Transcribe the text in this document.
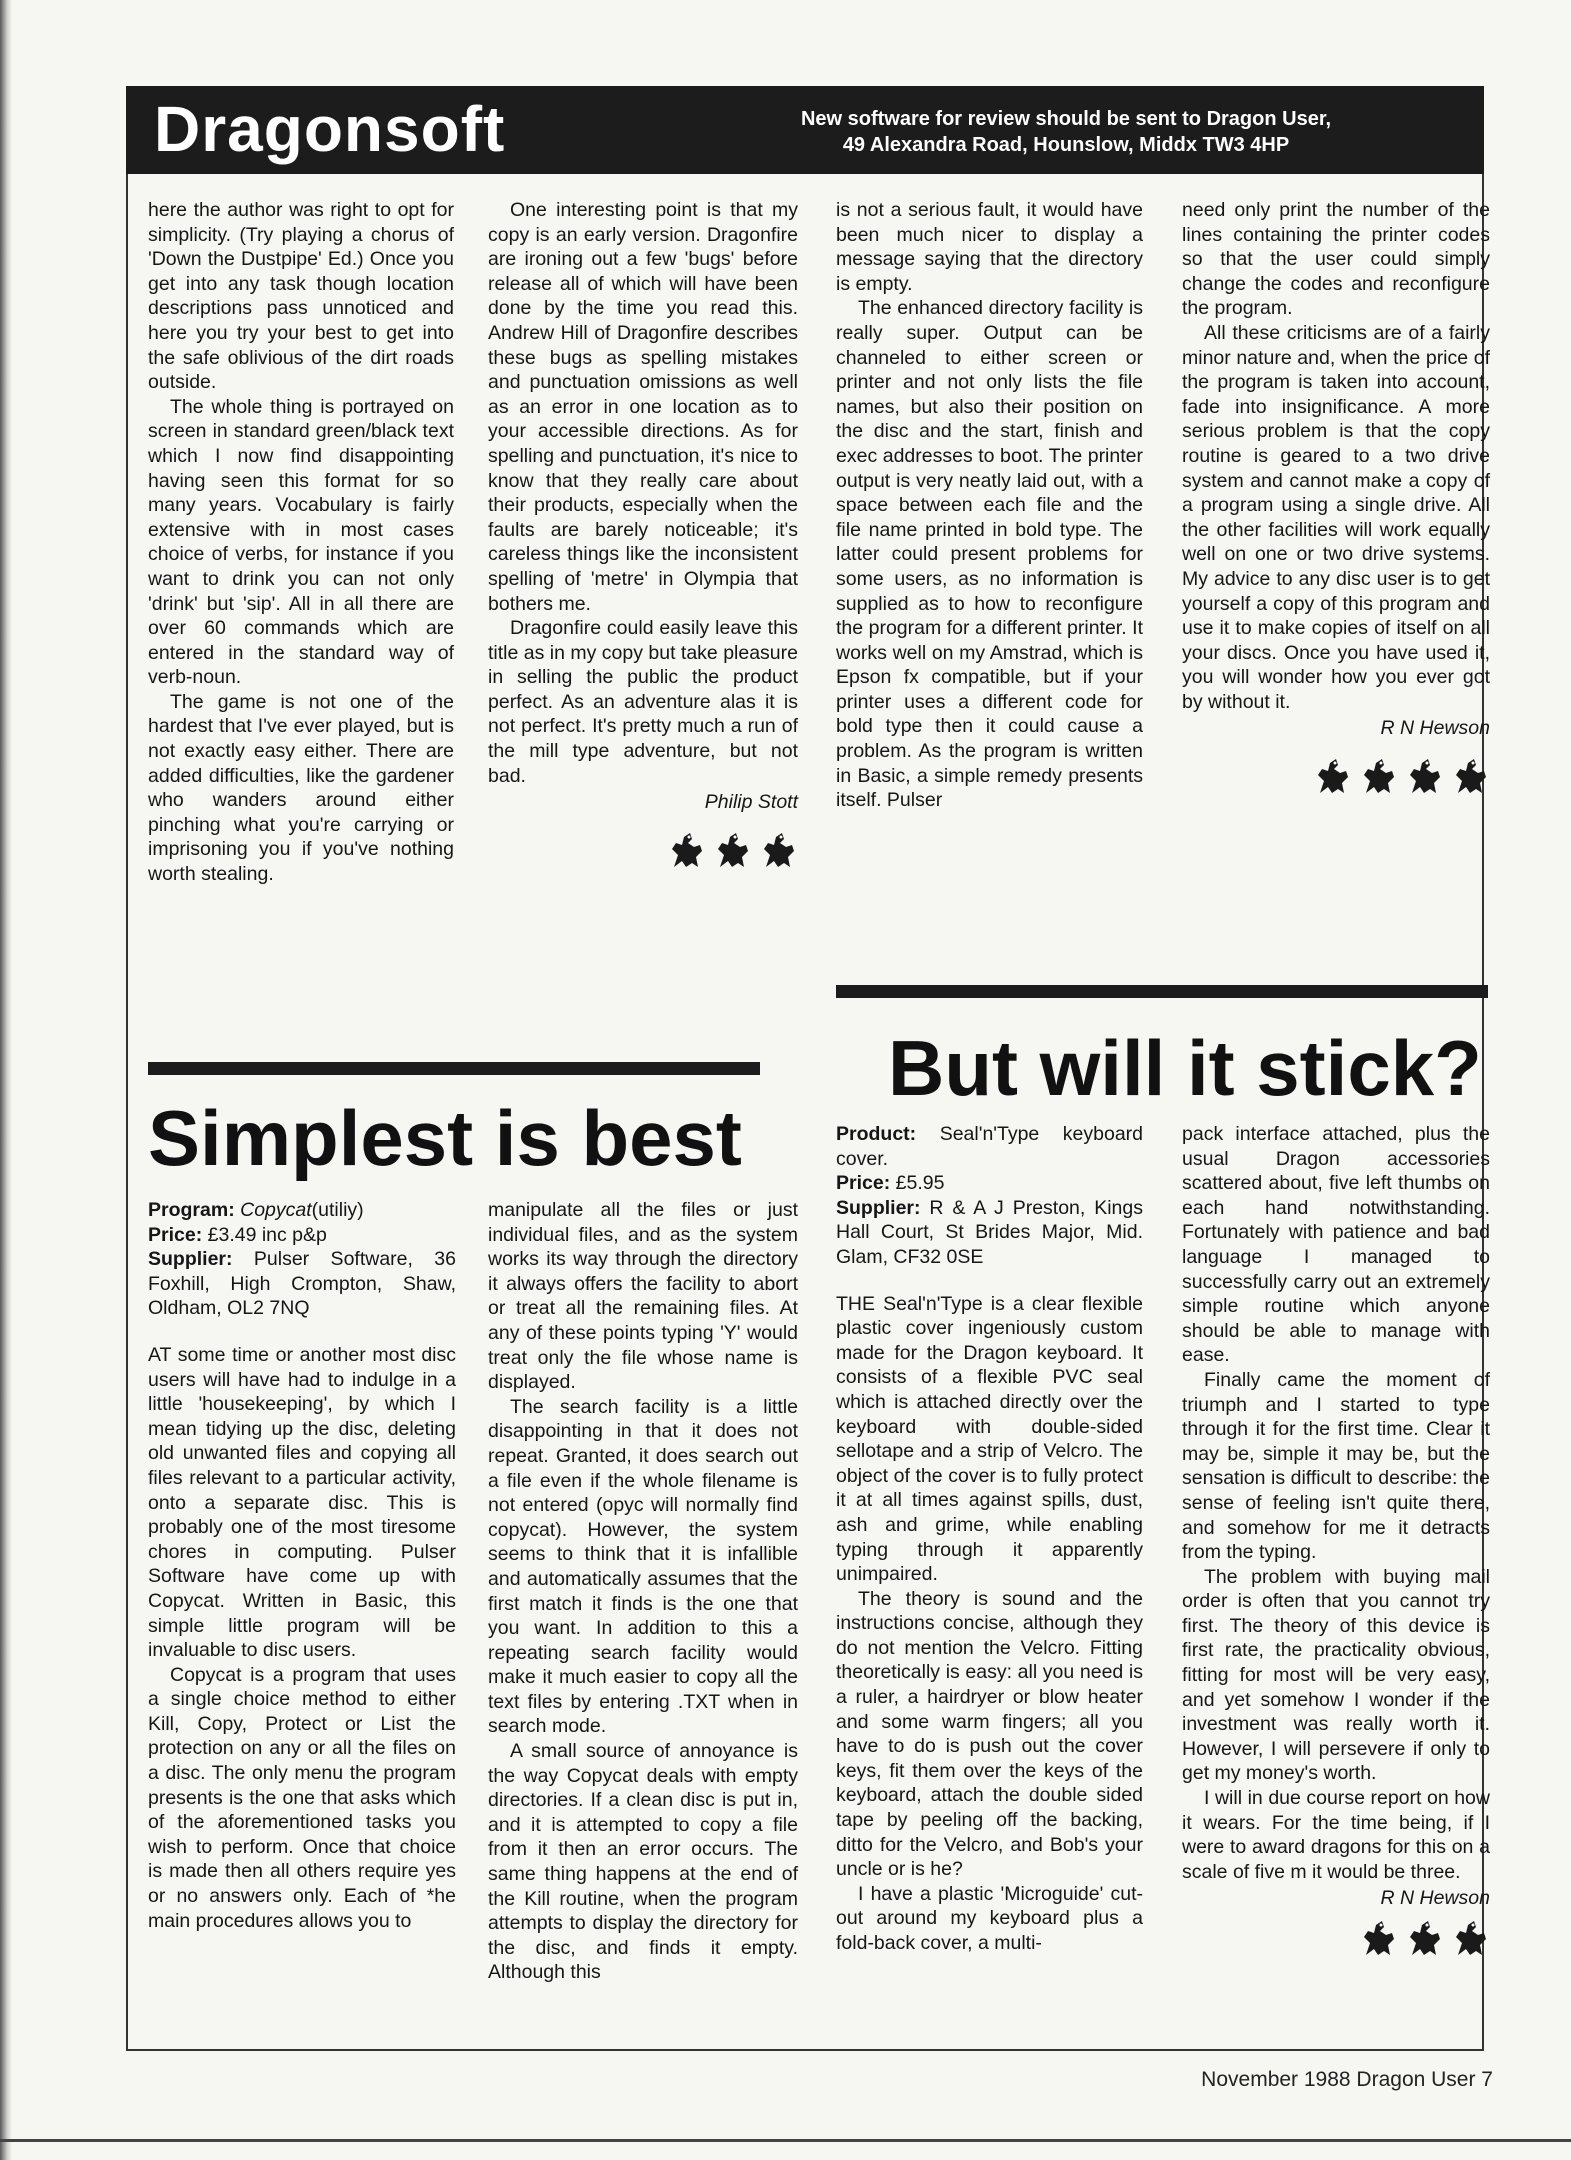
Dragonsoft	New software for review should be sent to Dragon User,
49 Alexandra Road, Hounslow, Middx TW3 4HP

here the author was right to opt for simplicity. (Try playing a chorus of 'Down the Dustpipe' Ed.) Once you get into any task though location descriptions pass unnoticed and here you try your best to get into the safe oblivious of the dirt roads outside.

The whole thing is portrayed on screen in standard green/black text which I now find disappointing having seen this format for so many years. Vocabulary is fairly extensive with in most cases choice of verbs, for instance if you want to drink you can not only 'drink' but 'sip'. All in all there are over 60 commands which are entered in the standard way of verb-noun.

The game is not one of the hardest that I've ever played, but is not exactly easy either. There are added difficulties, like the gardener who wanders around either pinching what you're carrying or imprisoning you if you've nothing worth stealing.

One interesting point is that my copy is an early version. Dragonfire are ironing out a few 'bugs' before release all of which will have been done by the time you read this. Andrew Hill of Dragonfire describes these bugs as spelling mistakes and punctuation omissions as well as an error in one location as to your accessible directions. As for spelling and punctuation, it's nice to know that they really care about their products, especially when the faults are barely noticeable; it's careless things like the inconsistent spelling of 'metre' in Olympia that bothers me.

Dragonfire could easily leave this title as in my copy but take pleasure in selling the public the product perfect. As an adventure alas it is not perfect. It's pretty much a run of the mill type adventure, but not bad.

Philip Stott

is not a serious fault, it would have been much nicer to display a message saying that the directory is empty.

The enhanced directory facility is really super. Output can be channeled to either screen or printer and not only lists the file names, but also their position on the disc and the start, finish and exec addresses to boot. The printer output is very neatly laid out, with a space between each file and the file name printed in bold type. The latter could present problems for some users, as no information is supplied as to how to reconfigure the program for a different printer. It works well on my Amstrad, which is Epson fx compatible, but if your printer uses a different code for bold type then it could cause a problem. As the program is written in Basic, a simple remedy presents itself. Pulser

need only print the number of the lines containing the printer codes so that the user could simply change the codes and reconfigure the program.

All these criticisms are of a fairly minor nature and, when the price of the program is taken into account, fade into insignificance. A more serious problem is that the copy routine is geared to a two drive system and cannot make a copy of a program using a single drive. All the other facilities will work equally well on one or two drive systems. My advice to any disc user is to get yourself a copy of this program and use it to make copies of itself on all your discs. Once you have used it, you will wonder how you ever got by without it.

R N Hewson
But will it stick?
Simplest is best

Program: Copycat(utiliy)

Price: £3.49 inc p&p

Supplier: Pulser Software, 36 Foxhill, High Crompton, Shaw, Oldham, OL2 7NQ

AT some time or another most disc users will have had to indulge in a little 'housekeeping', by which I mean tidying up the disc, deleting old unwanted files and copying all files relevant to a particular activity, onto a separate disc. This is probably one of the most tiresome chores in computing. Pulser Software have come up with Copycat. Written in Basic, this simple little program will be invaluable to disc users.

Copycat is a program that uses a single choice method to either Kill, Copy, Protect or List the protection on any or all the files on a disc. The only menu the program presents is the one that asks which of the aforementioned tasks you wish to perform. Once that choice is made then all others require yes or no answers only. Each of *he main procedures allows you to

manipulate all the files or just individual files, and as the system works its way through the directory it always offers the facility to abort or treat all the remaining files. At any of these points typing 'Y' would treat only the file whose name is displayed.

The search facility is a little disappointing in that it does not repeat. Granted, it does search out a file even if the whole filename is not entered (opyc will normally find copycat). However, the system seems to think that it is infallible and automatically assumes that the first match it finds is the one that you want. In addition to this a repeating search facility would make it much easier to copy all the text files by entering .TXT when in search mode.

A small source of annoyance is the way Copycat deals with empty directories. If a clean disc is put in, and it is attempted to copy a file from it then an error occurs. The same thing happens at the end of the Kill routine, when the program attempts to display the directory for the disc, and finds it empty. Although this

Product: Seal'n'Type keyboard cover.

Price: £5.95

Supplier: R & A J Preston, Kings Hall Court, St Brides Major, Mid. Glam, CF32 0SE

THE Seal'n'Type is a clear flexible plastic cover ingeniously custom made for the Dragon keyboard. It consists of a flexible PVC seal which is attached directly over the keyboard with double-sided sellotape and a strip of Velcro. The object of the cover is to fully protect it at all times against spills, dust, ash and grime, while enabling typing through it apparently unimpaired.

The theory is sound and the instructions concise, although they do not mention the Velcro. Fitting theoretically is easy: all you need is a ruler, a hairdryer or blow heater and some warm fingers; all you have to do is push out the cover keys, fit them over the keys of the keyboard, attach the double sided tape by peeling off the backing, ditto for the Velcro, and Bob's your uncle or is he?

I have a plastic 'Microguide' cut-out around my keyboard plus a fold-back cover, a multi-

pack interface attached, plus the usual Dragon accessories scattered about, five left thumbs on each hand notwithstanding. Fortunately with patience and bad language I managed to successfully carry out an extremely simple routine which anyone should be able to manage with ease.

Finally came the moment of triumph and I started to type through it for the first time. Clear it may be, simple it may be, but the sensation is difficult to describe: the sense of feeling isn't quite there, and somehow for me it detracts from the typing.

The problem with buying mail order is often that you cannot try first. The theory of this device is first rate, the practicality obvious, fitting for most will be very easy, and yet somehow I wonder if the investment was really worth it. However, I will persevere if only to get my money's worth.

I will in due course report on how it wears. For the time being, if I were to award dragons for this on a scale of five m it would be three.

R N Hewson
November 1988 Dragon User 7
